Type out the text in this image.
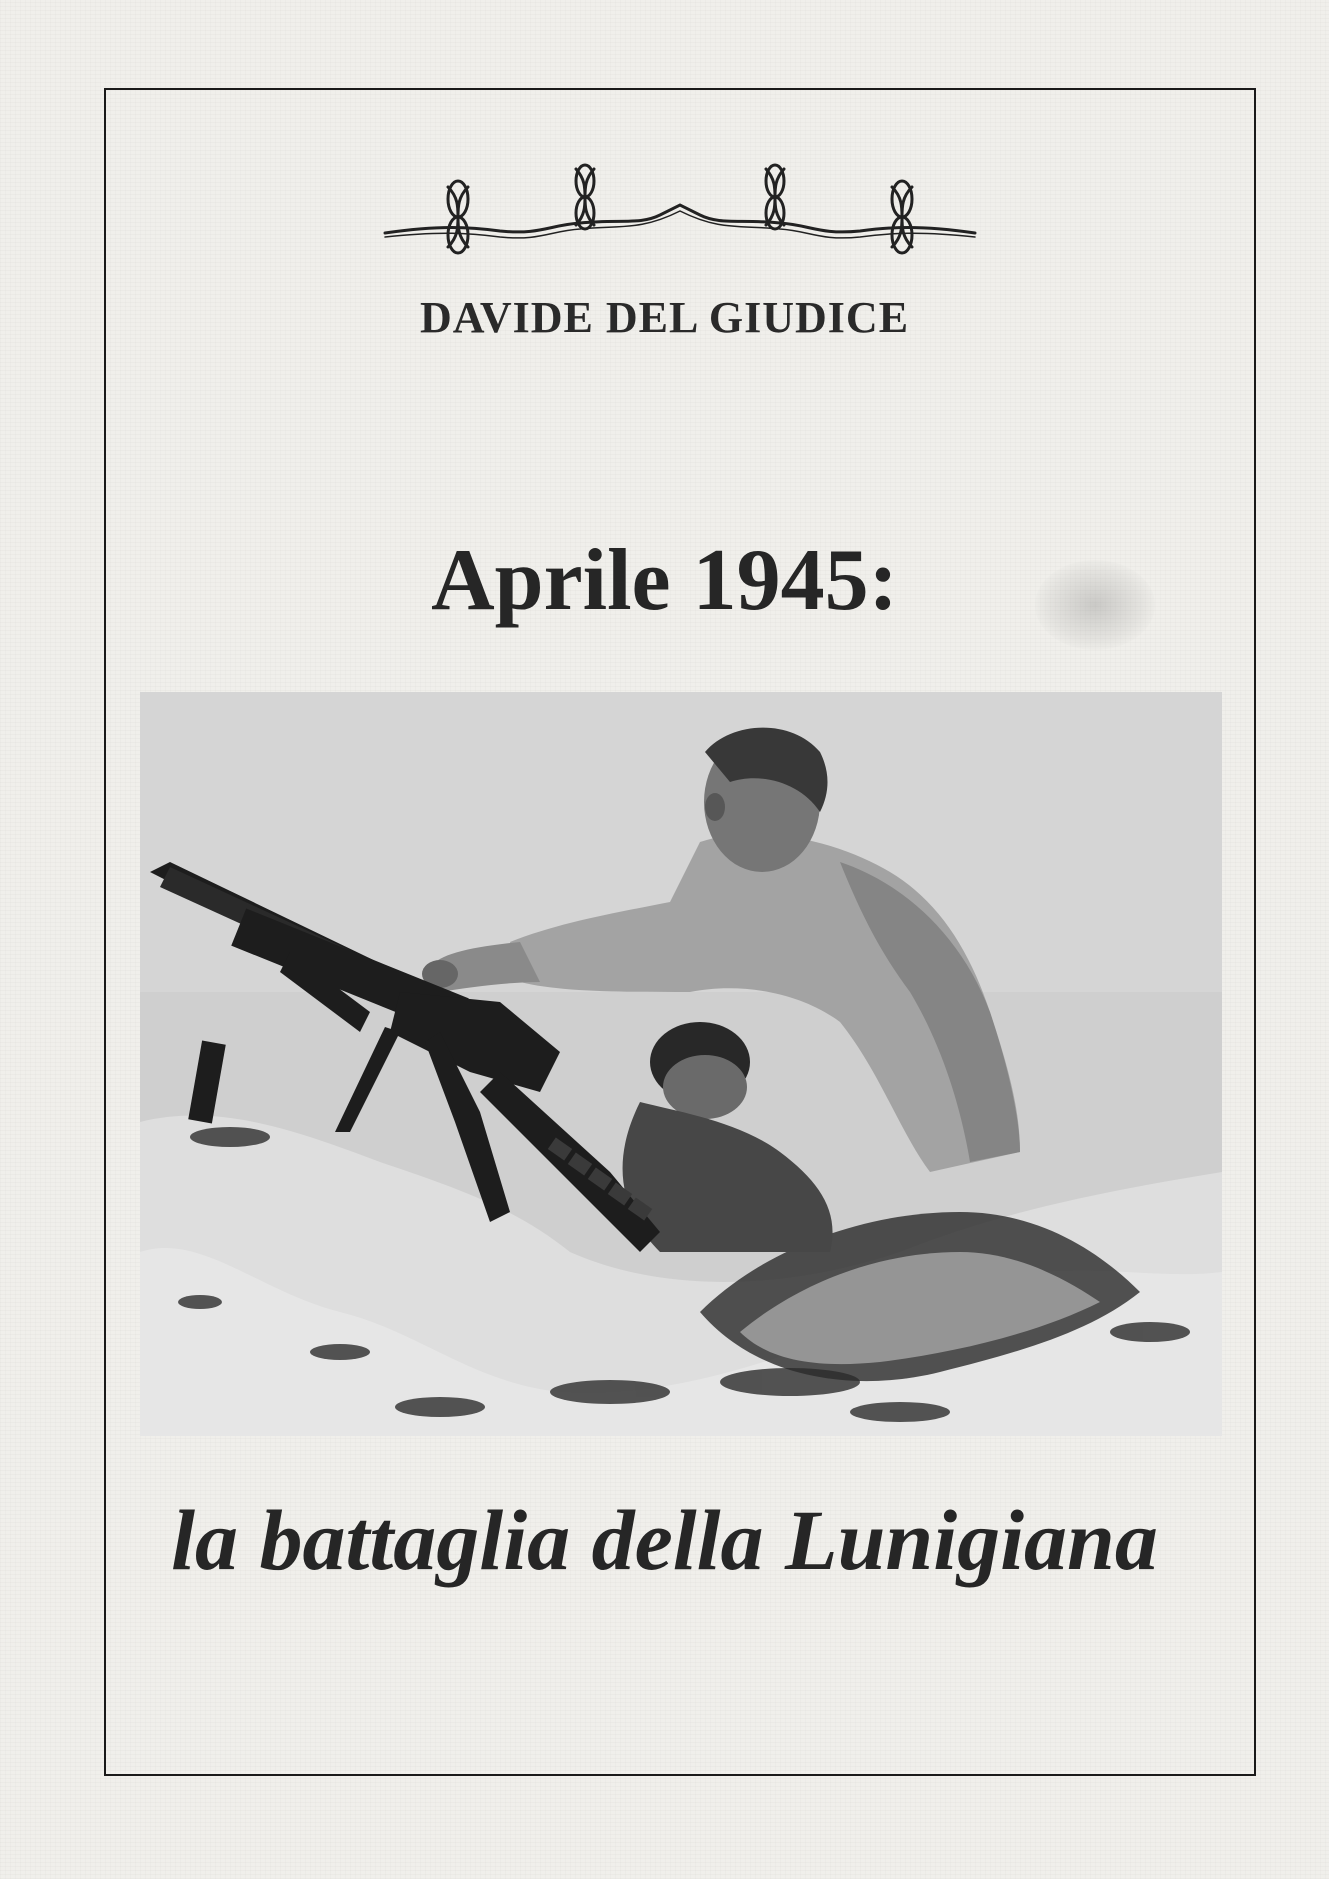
DAVIDE DEL GIUDICE
Aprile 1945:
la battaglia della Lunigiana
